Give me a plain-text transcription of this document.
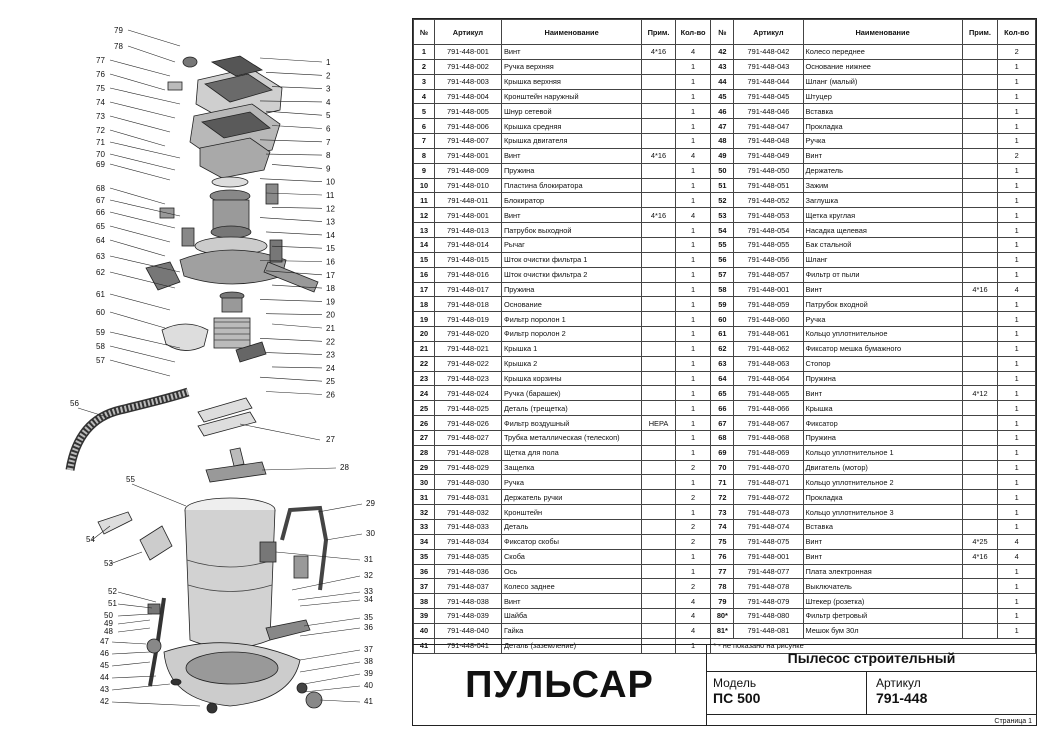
1
2
3
4
5
6
7
8
9
10
11
12
13
14
15
16
17
18
19
20
21
22
23
24
25
26
79
78
77
76
75
74
73
72
71
70
69
68
67
66
65
64
63
62
61
60
59
58
57
56
27
28
55
29
30
54
53	31
32
33
34
35
36
37
38
39
40
41
52
51
50
49
48
47
46
45
44
43
42
№	Артикул	Наименование	Прим.	Кол-во	№	Артикул	Наименование	Прим.	Кол-во
1	791-448-001	Винт	4*16	4	42	791-448-042	Колесо переднее		2
2	791-448-002	Ручка верхняя		1	43	791-448-043	Основание нижнее		1
3	791-448-003	Крышка верхняя		1	44	791-448-044	Шланг (малый)		1
4	791-448-004	Кронштейн наружный		1	45	791-448-045	Штуцер		1
5	791-448-005	Шнур сетевой		1	46	791-448-046	Вставка		1
6	791-448-006	Крышка средняя		1	47	791-448-047	Прокладка		1
7	791-448-007	Крышка двигателя		1	48	791-448-048	Ручка		1
8	791-448-001	Винт	4*16	4	49	791-448-049	Винт		2
9	791-448-009	Пружина		1	50	791-448-050	Держатель		1
10	791-448-010	Пластина блокиратора		1	51	791-448-051	Зажим		1
11	791-448-011	Блокиратор		1	52	791-448-052	Заглушка		1
12	791-448-001	Винт	4*16	4	53	791-448-053	Щетка круглая		1
13	791-448-013	Патрубок выходной		1	54	791-448-054	Насадка щелевая		1
14	791-448-014	Рычаг		1	55	791-448-055	Бак стальной		1
15	791-448-015	Шток очистки фильтра 1		1	56	791-448-056	Шланг		1
16	791-448-016	Шток очистки фильтра 2		1	57	791-448-057	Фильтр от пыли		1
17	791-448-017	Пружина		1	58	791-448-001	Винт	4*16	4
18	791-448-018	Основание		1	59	791-448-059	Патрубок входной		1
19	791-448-019	Фильтр поролон 1		1	60	791-448-060	Ручка		1
20	791-448-020	Фильтр поролон 2		1	61	791-448-061	Кольцо уплотнительное		1
21	791-448-021	Крышка 1		1	62	791-448-062	Фиксатор мешка бумажного		1
22	791-448-022	Крышка 2		1	63	791-448-063	Стопор		1
23	791-448-023	Крышка корзины		1	64	791-448-064	Пружина		1
24	791-448-024	Ручка (барашек)		1	65	791-448-065	Винт	4*12	1
25	791-448-025	Деталь (трещетка)		1	66	791-448-066	Крышка		1
26	791-448-026	Фильтр воздушный	HEPA	1	67	791-448-067	Фиксатор		1
27	791-448-027	Трубка металлическая (телескоп)		1	68	791-448-068	Пружина		1
28	791-448-028	Щетка для пола		1	69	791-448-069	Кольцо уплотнительное 1		1
29	791-448-029	Защелка		2	70	791-448-070	Двигатель (мотор)		1
30	791-448-030	Ручка		1	71	791-448-071	Кольцо уплотнительное 2		1
31	791-448-031	Держатель ручки		2	72	791-448-072	Прокладка		1
32	791-448-032	Кронштейн		1	73	791-448-073	Кольцо уплотнительное 3		1
33	791-448-033	Деталь		2	74	791-448-074	Вставка		1
34	791-448-034	Фиксатор скобы		2	75	791-448-075	Винт	4*25	4
35	791-448-035	Скоба		1	76	791-448-001	Винт	4*16	4
36	791-448-036	Ось		1	77	791-448-077	Плата электронная		1
37	791-448-037	Колесо заднее		2	78	791-448-078	Выключатель		1
38	791-448-038	Винт		4	79	791-448-079	Штекер (розетка)		1
39	791-448-039	Шайба		4	80*	791-448-080	Фильтр фетровый		1
40	791-448-040	Гайка		4	81*	791-448-081	Мешок бум 30л		1
41	791-448-041	Деталь (заземление)		1	* - не показано на рисунке				
ПУЛЬСАР
Пылесос строительный
Модель
ПС 500
Артикул
791-448
Страница 1
